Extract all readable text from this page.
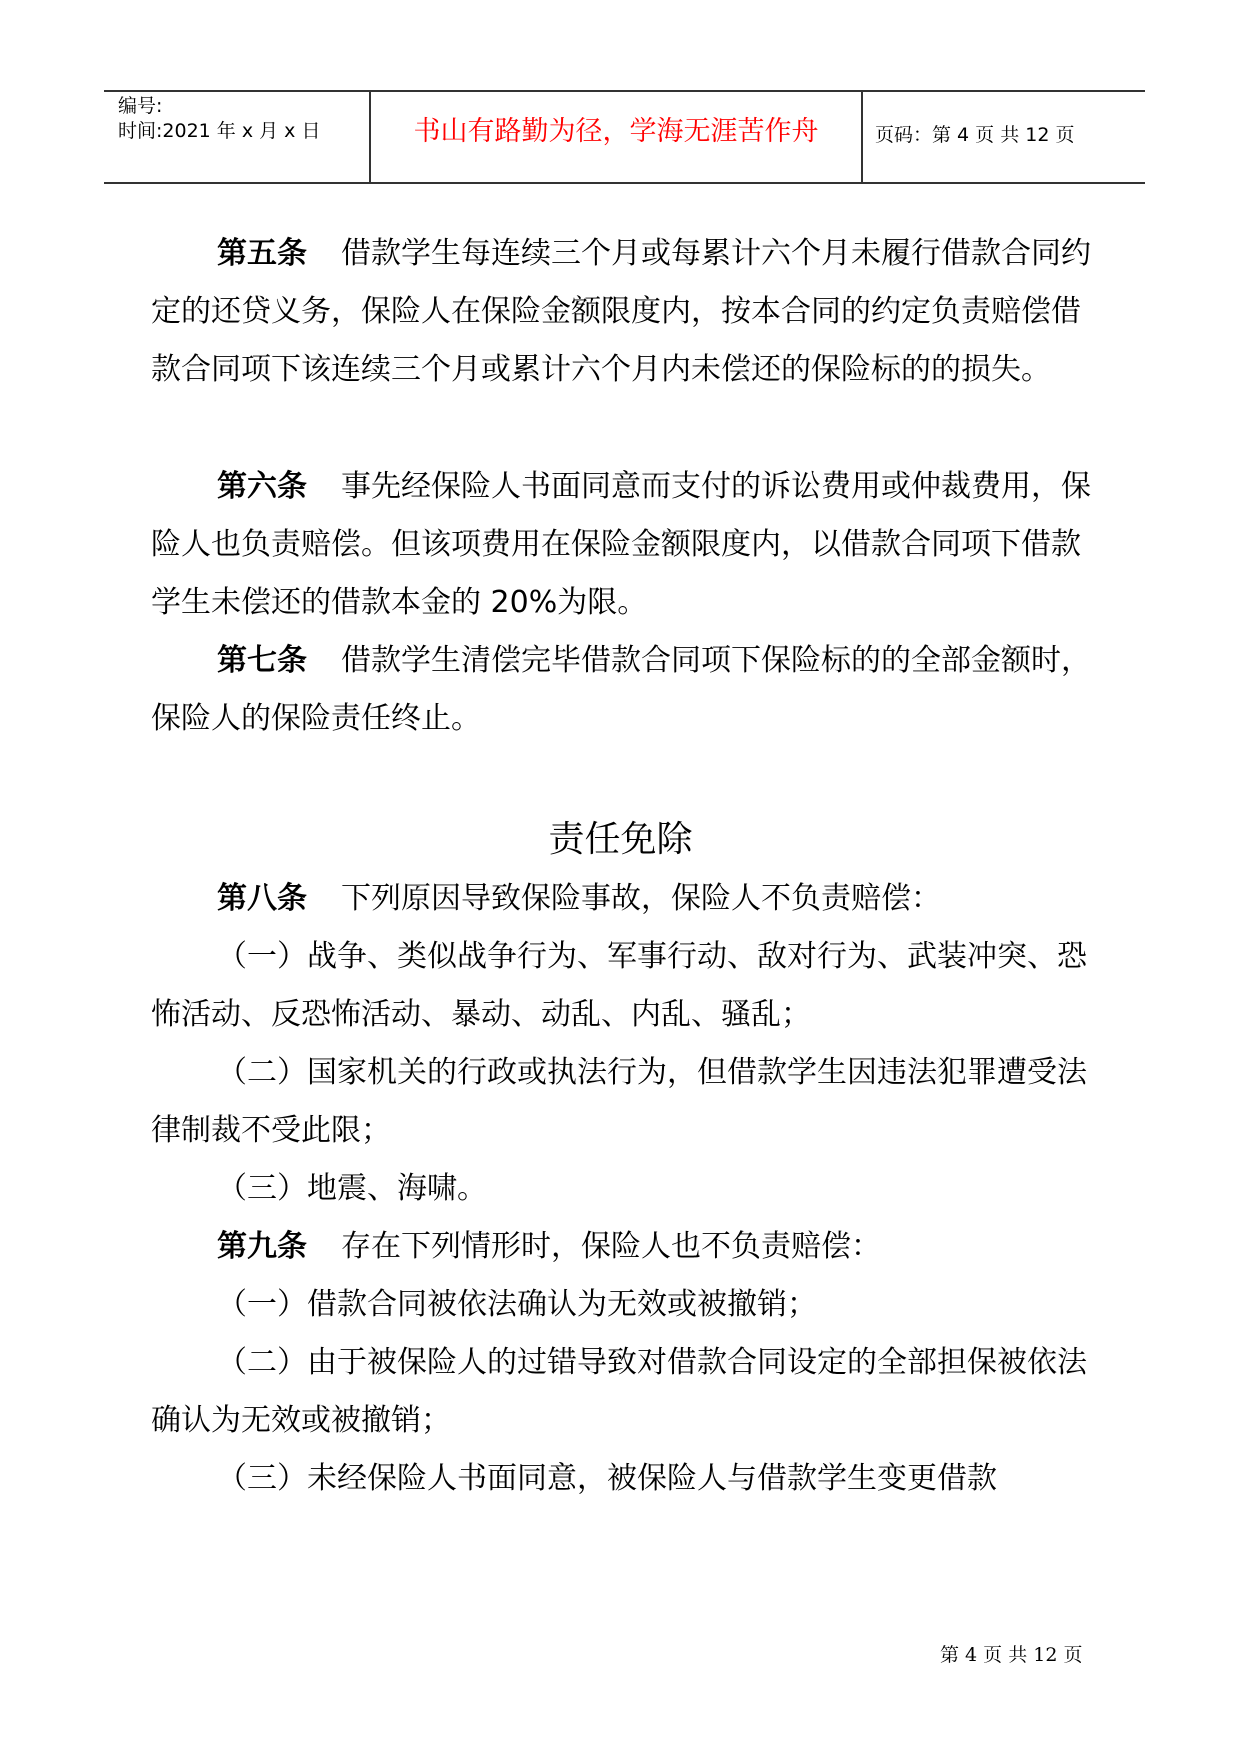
编号:
时间:2021 年 x 月 x 日	书山有路勤为径，学海无涯苦作舟	页码：第 4 页 共 12 页

第五条 借款学生每连续三个月或每累计六个月未履行借款合同约定的还贷义务，保险人在保险金额限度内，按本合同的约定负责赔偿借款合同项下该连续三个月或累计六个月内未偿还的保险标的的损失。

第六条 事先经保险人书面同意而支付的诉讼费用或仲裁费用，保险人也负责赔偿。但该项费用在保险金额限度内，以借款合同项下借款学生未偿还的借款本金的 20%为限。

第七条 借款学生清偿完毕借款合同项下保险标的的全部金额时，保险人的保险责任终止。

责任免除

第八条 下列原因导致保险事故，保险人不负责赔偿：

（一）战争、类似战争行为、军事行动、敌对行为、武装冲突、恐怖活动、反恐怖活动、暴动、动乱、内乱、骚乱；

（二）国家机关的行政或执法行为，但借款学生因违法犯罪遭受法律制裁不受此限；

（三）地震、海啸。

第九条 存在下列情形时，保险人也不负责赔偿：

（一）借款合同被依法确认为无效或被撤销；

（二）由于被保险人的过错导致对借款合同设定的全部担保被依法确认为无效或被撤销；

（三）未经保险人书面同意，被保险人与借款学生变更借款

第 4 页 共 12 页
